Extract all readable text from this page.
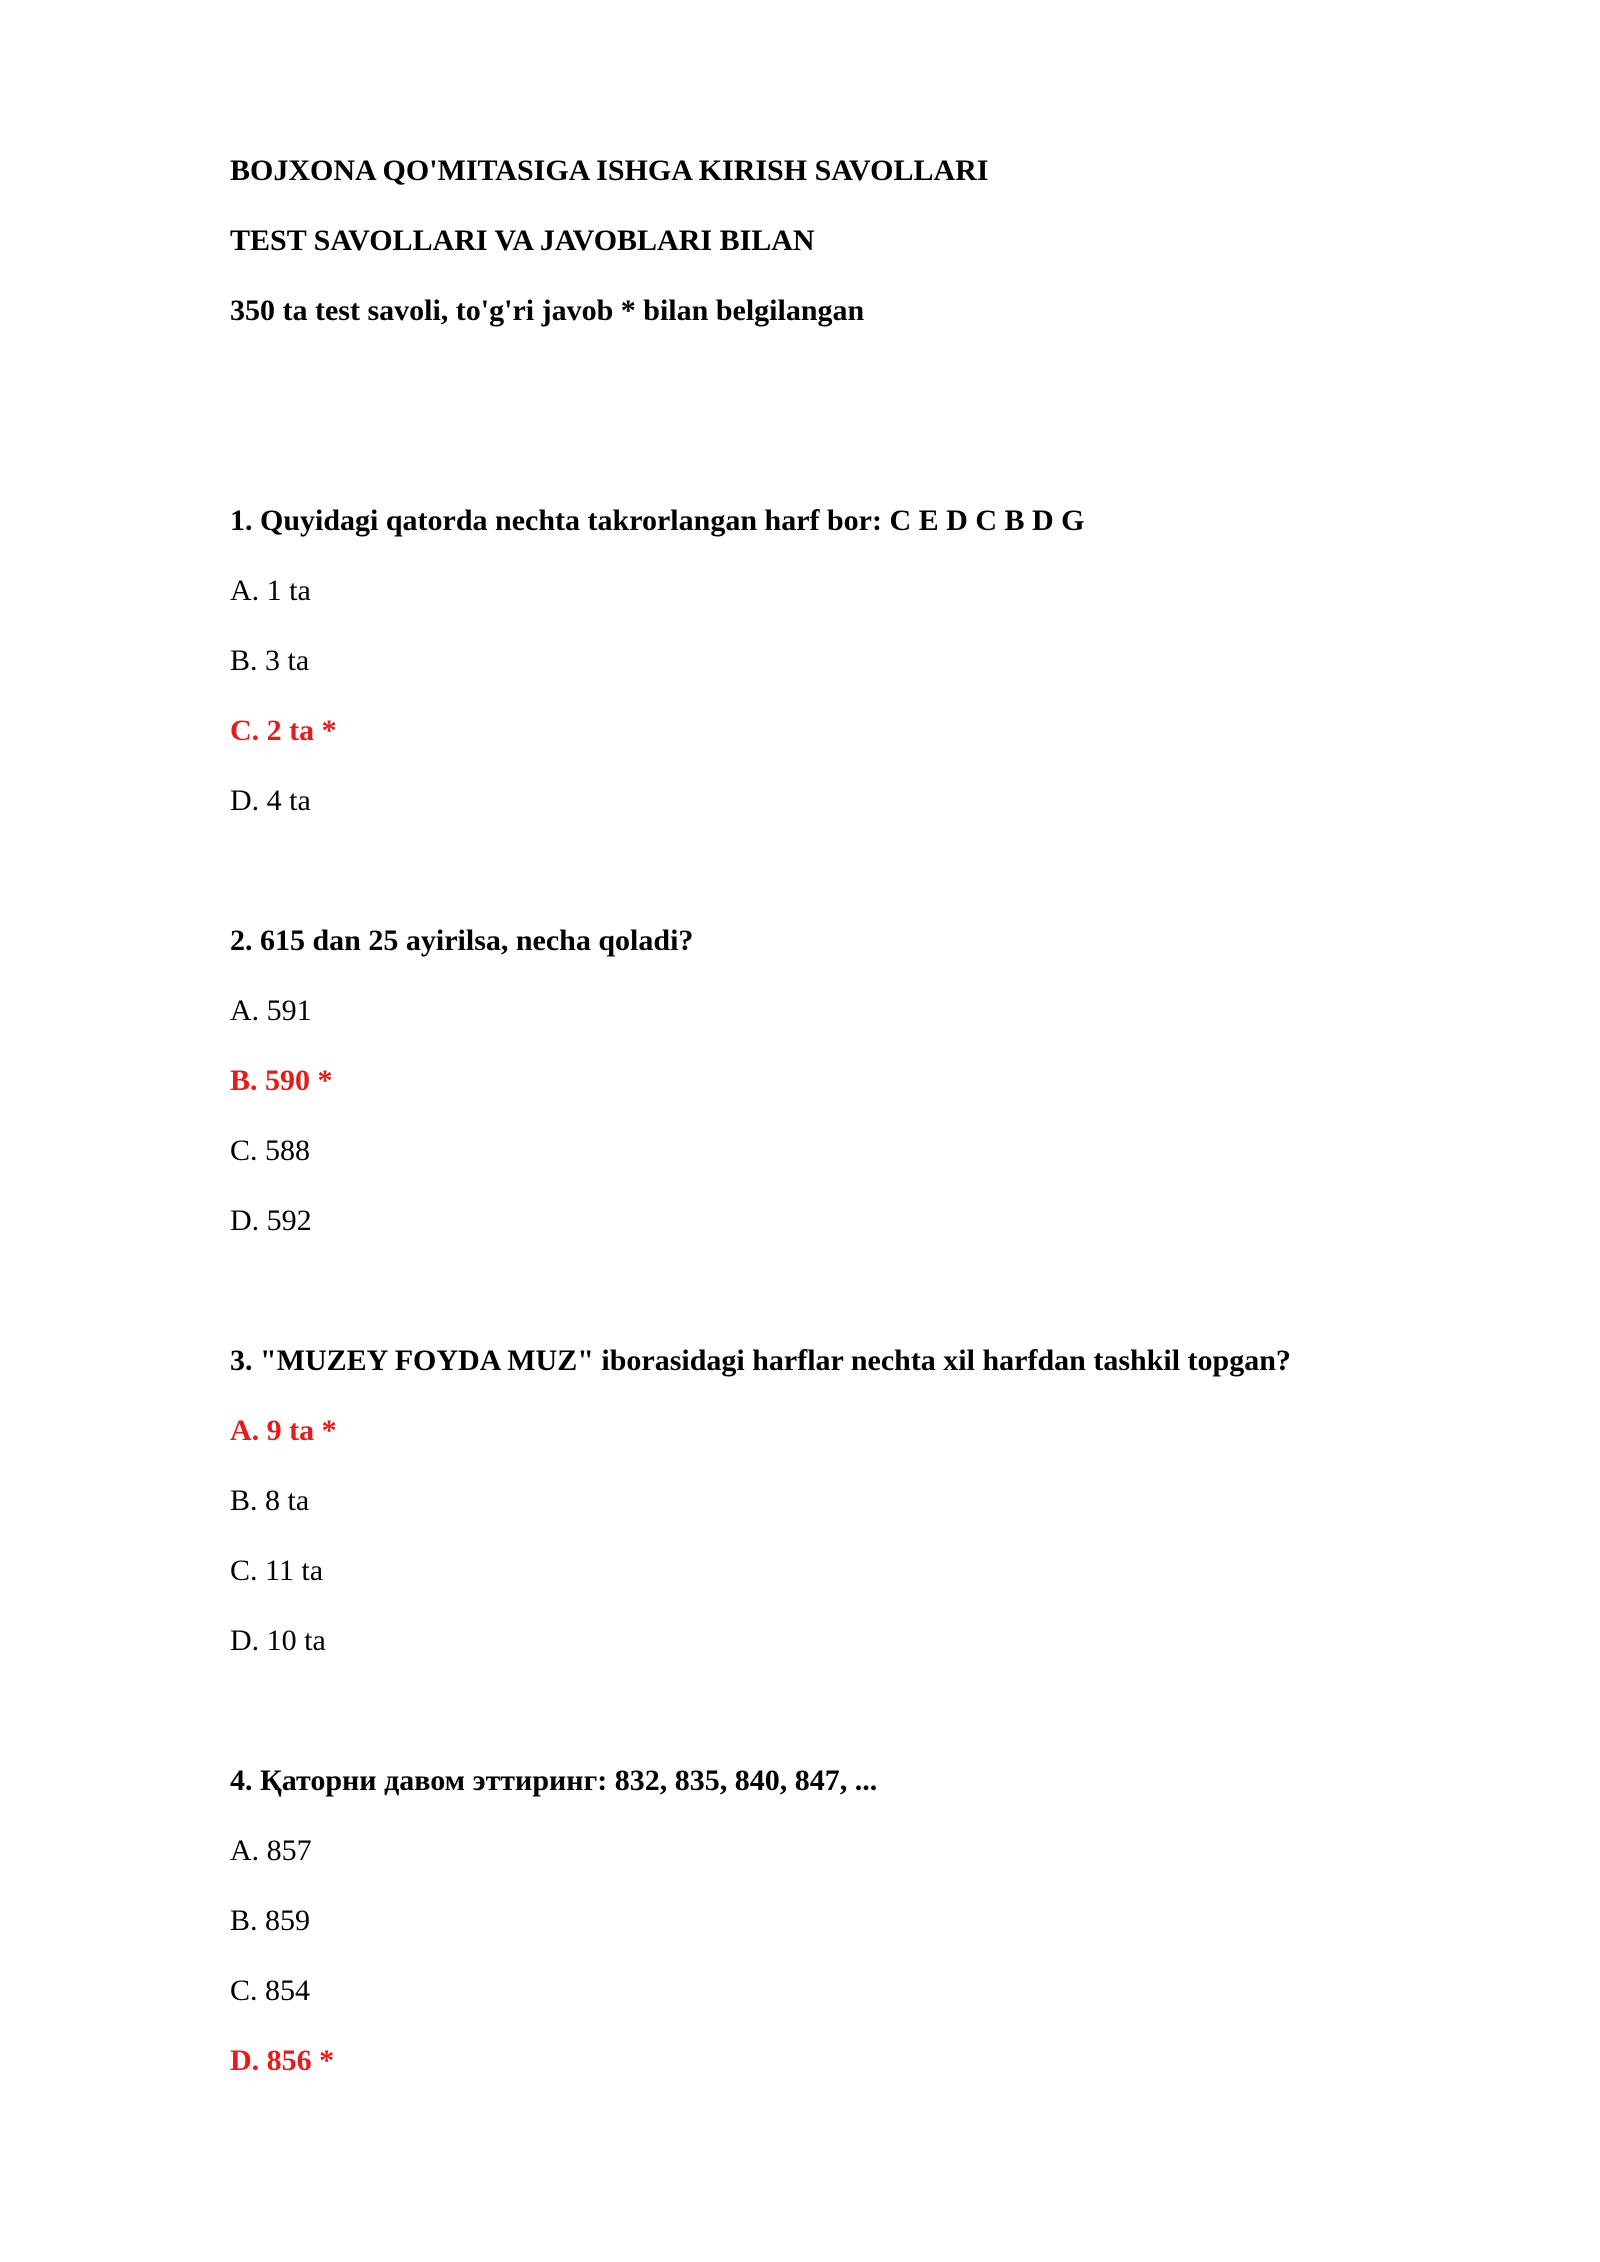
BOJXONA QO'MITASIGA ISHGA KIRISH SAVOLLARI
TEST SAVOLLARI VA JAVOBLARI BILAN
350 ta test savoli, to'g'ri javob * bilan belgilangan
1. Quyidagi qatorda nechta takrorlangan harf bor: C E D C B D G
A. 1 ta
B. 3 ta
C. 2 ta *
D. 4 ta
2. 615 dan 25 ayirilsa, necha qoladi?
A. 591
B. 590 *
C. 588
D. 592
3. "MUZEY FOYDA MUZ" iborasidagi harflar nechta xil harfdan tashkil topgan?
A. 9 ta *
B. 8 ta
C. 11 ta
D. 10 ta
4. Қаторни давом эттиринг: 832, 835, 840, 847, ...
A. 857
B. 859
C. 854
D. 856 *
